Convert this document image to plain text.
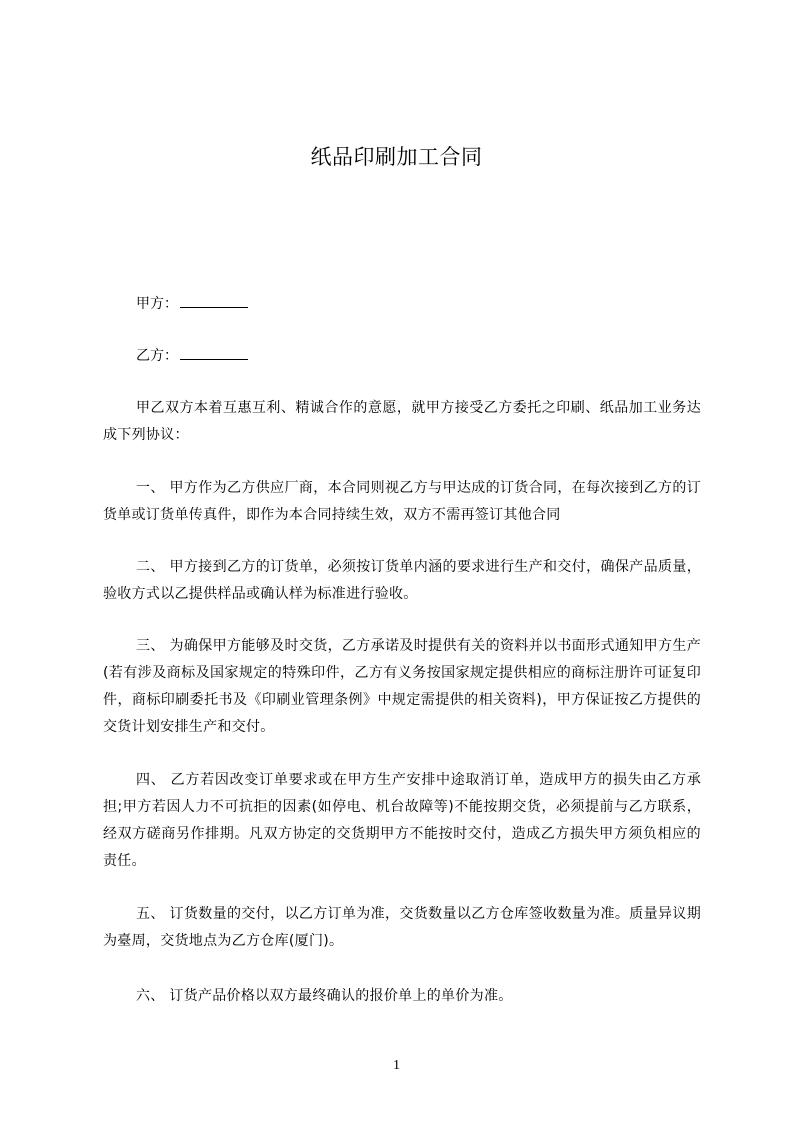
纸品印刷加工合同
甲方：
乙方：
甲乙双方本着互惠互利、精诚合作的意愿，就甲方接受乙方委托之印刷、纸品加工业务达成下列协议：
一、 甲方作为乙方供应厂商，本合同则视乙方与甲达成的订货合同，在每次接到乙方的订货单或订货单传真件，即作为本合同持续生效，双方不需再签订其他合同
二、 甲方接到乙方的订货单，必须按订货单内涵的要求进行生产和交付，确保产品质量，验收方式以乙提供样品或确认样为标准进行验收。
三、 为确保甲方能够及时交货，乙方承诺及时提供有关的资料并以书面形式通知甲方生产(若有涉及商标及国家规定的特殊印件，乙方有义务按国家规定提供相应的商标注册许可证复印件，商标印刷委托书及《印刷业管理条例》中规定需提供的相关资料)，甲方保证按乙方提供的交货计划安排生产和交付。
四、 乙方若因改变订单要求或在甲方生产安排中途取消订单，造成甲方的损失由乙方承担;甲方若因人力不可抗拒的因素(如停电、机台故障等)不能按期交货，必须提前与乙方联系，经双方磋商另作排期。凡双方协定的交货期甲方不能按时交付，造成乙方损失甲方须负相应的责任。
五、 订货数量的交付，以乙方订单为准，交货数量以乙方仓库签收数量为准。质量异议期为臺周，交货地点为乙方仓库(厦门)。
六、 订货产品价格以双方最终确认的报价单上的单价为准。
1
